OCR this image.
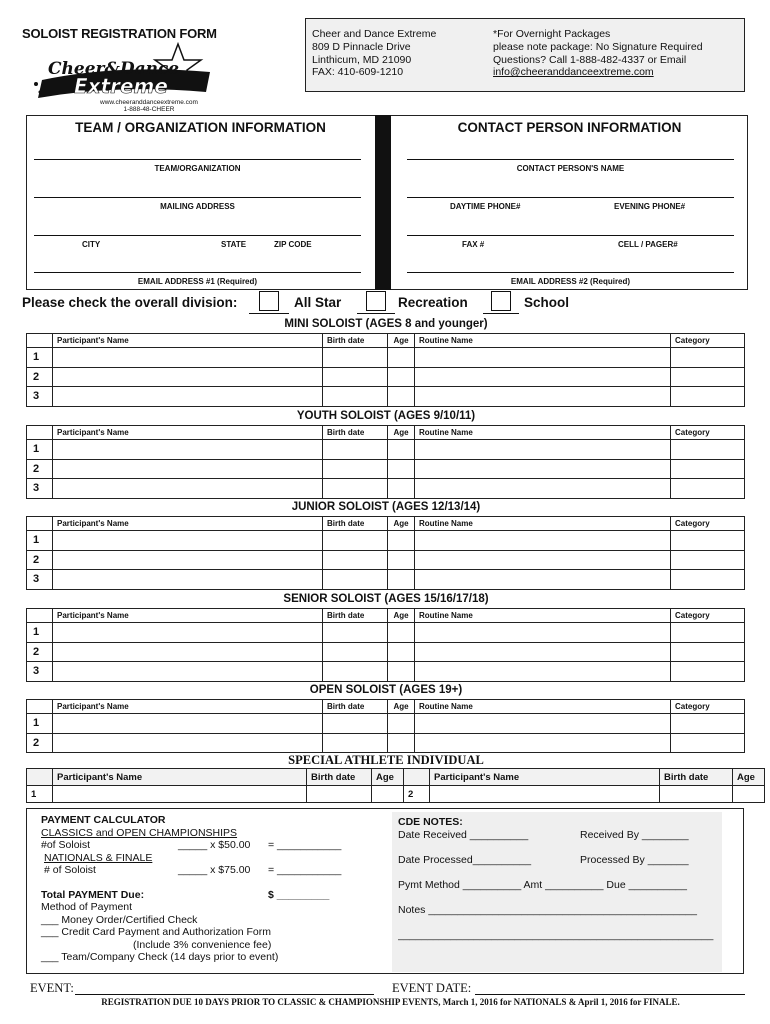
SOLOIST REGISTRATION FORM
Cheer&Dance
Extreme
www.cheeranddanceextreme.com
1-888-48-CHEER
Cheer and Dance Extreme
809 D Pinnacle Drive
Linthicum, MD 21090
FAX: 410-609-1210
*For Overnight Packages
please note package: No Signature Required
Questions? Call 1-888-482-4337 or Email
info@cheeranddanceextreme.com
TEAM / ORGANIZATION INFORMATION	CONTACT PERSON INFORMATION
TEAM/ORGANIZATION
MAILING ADDRESS
CITY	STATE	ZIP CODE
EMAIL ADDRESS #1 (Required)
CONTACT PERSON'S NAME
DAYTIME PHONE#	EVENING PHONE#
FAX #	CELL / PAGER#
EMAIL ADDRESS #2 (Required)
Please check the overall division:	All Star	Recreation	School
MINI SOLOIST (AGES 8 and younger)
	Participant's Name	Birth date	Age	Routine Name	Category
1					
2					
3					
YOUTH SOLOIST (AGES 9/10/11)
	Participant's Name	Birth date	Age	Routine Name	Category
1					
2					
3					
JUNIOR SOLOIST (AGES 12/13/14)
	Participant's Name	Birth date	Age	Routine Name	Category
1					
2					
3					
SENIOR SOLOIST (AGES 15/16/17/18)
	Participant's Name	Birth date	Age	Routine Name	Category
1					
2					
3					
OPEN SOLOIST (AGES 19+)
	Participant's Name	Birth date	Age	Routine Name	Category
1					
2					
SPECIAL ATHLETE INDIVIDUAL
	Participant's Name	Birth date	Age		Participant's Name	Birth date	Age
1				2			
PAYMENT CALCULATOR
CLASSICS and OPEN CHAMPIONSHIPS
#of Soloist	_____ x $50.00 = ___________
NATIONALS & FINALE
# of Soloist	_____ x $75.00 = ___________
Total PAYMENT Due:	$ _________
Method of Payment
___ Money Order/Certified Check
___ Credit Card Payment and Authorization Form
(Include 3% convenience fee)
___ Team/Company Check (14 days prior to event)
CDE NOTES:
Date Received __________	Received By ________
Date Processed__________	Processed By _______
Pymt Method __________ Amt __________ Due __________
Notes ______________________________________________
______________________________________________________
EVENT:	EVENT DATE:
REGISTRATION DUE 10 DAYS PRIOR TO CLASSIC & CHAMPIONSHIP EVENTS, March 1, 2016 for NATIONALS & April 1, 2016 for FINALE.
